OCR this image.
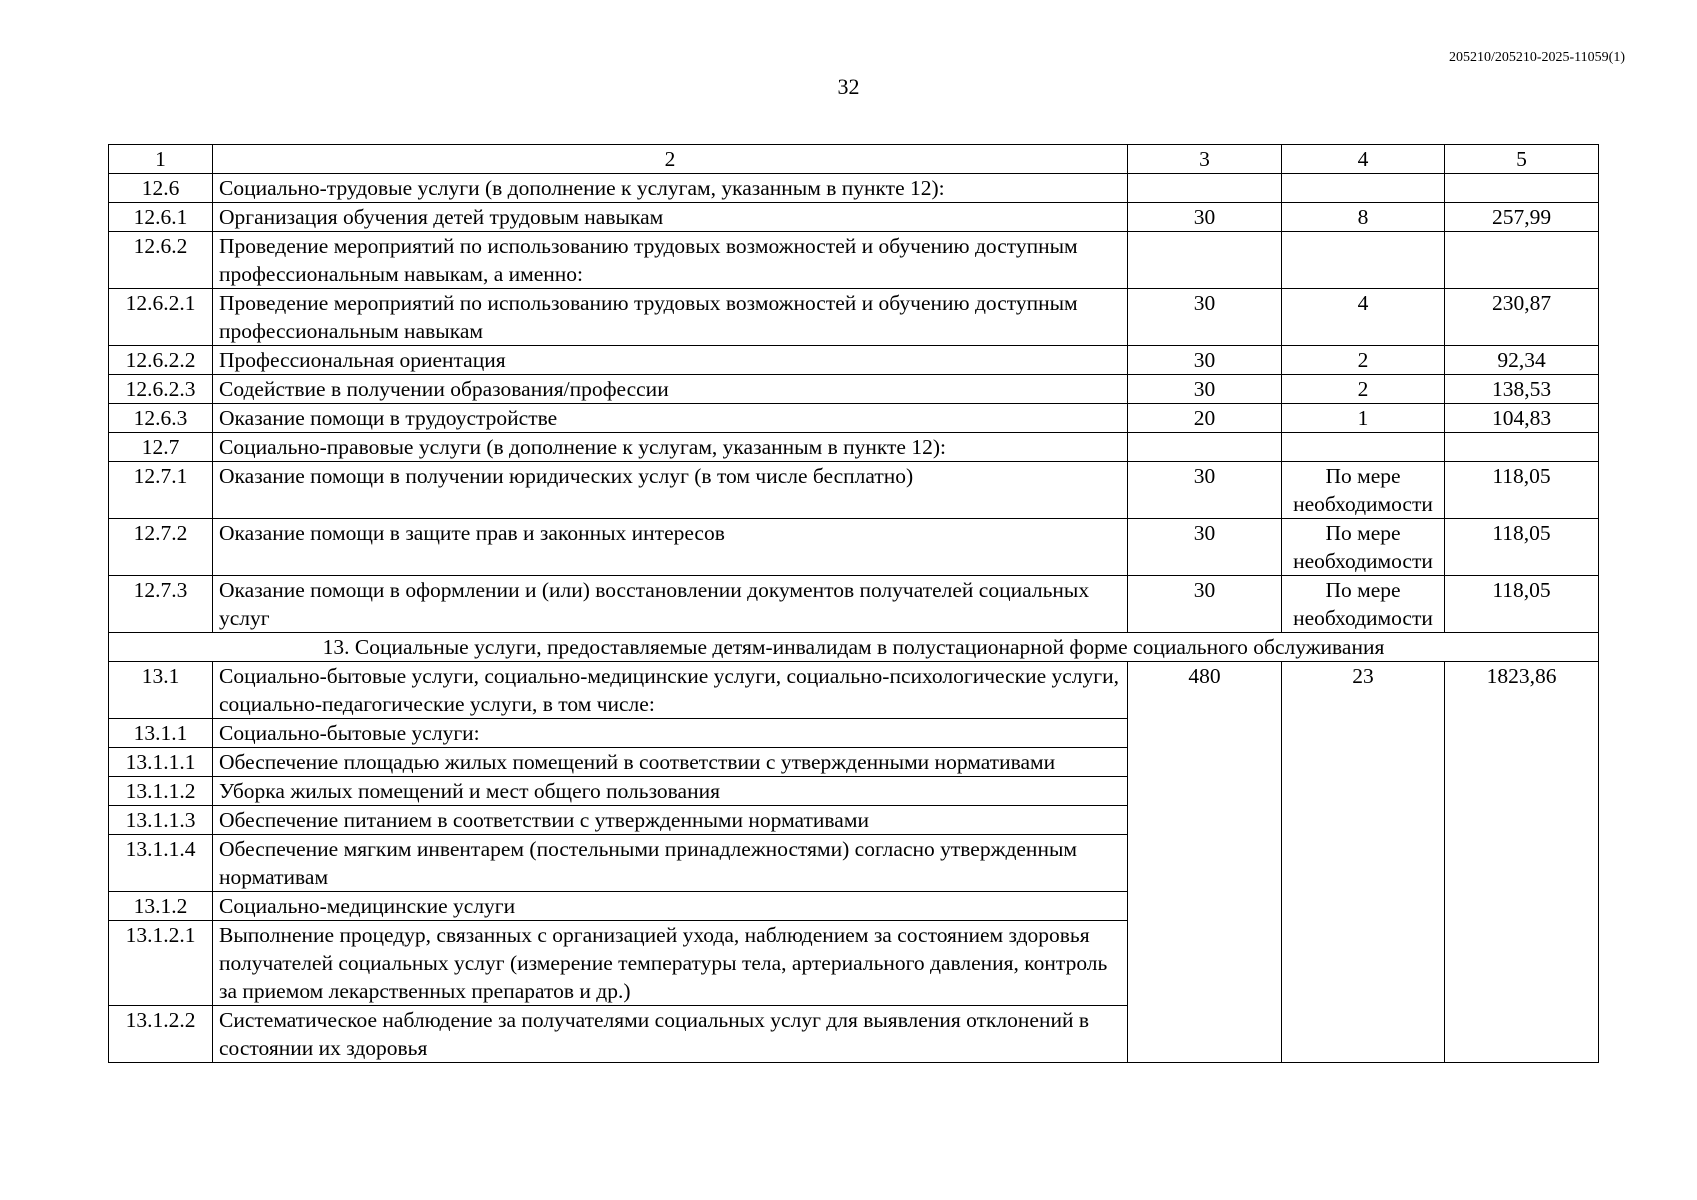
205210/205210-2025-11059(1)
32
1	2	3	4	5
12.6	Социально-трудовые услуги (в дополнение к услугам, указанным в пункте 12):			
12.6.1	Организация обучения детей трудовым навыкам	30	8	257,99
12.6.2	Проведение мероприятий по использованию трудовых возможностей и обучению доступным профессиональным навыкам, а именно:			
12.6.2.1	Проведение мероприятий по использованию трудовых возможностей и обучению доступным профессиональным навыкам	30	4	230,87
12.6.2.2	Профессиональная ориентация	30	2	92,34
12.6.2.3	Содействие в получении образования/профессии	30	2	138,53
12.6.3	Оказание помощи в трудоустройстве	20	1	104,83
12.7	Социально-правовые услуги (в дополнение к услугам, указанным в пункте 12):			
12.7.1	Оказание помощи в получении юридических услуг (в том числе бесплатно)	30	По мере необходимости	118,05
12.7.2	Оказание помощи в защите прав и законных интересов	30	По мере необходимости	118,05
12.7.3	Оказание помощи в оформлении и (или) восстановлении документов получателей социальных услуг	30	По мере необходимости	118,05
13. Социальные услуги, предоставляемые детям-инвалидам в полустационарной форме социального обслуживания				
13.1	Социально-бытовые услуги, социально-медицинские услуги, социально-психологические услуги, социально-педагогические услуги, в том числе:	480	23	1823,86
13.1.1	Социально-бытовые услуги:			
13.1.1.1	Обеспечение площадью жилых помещений в соответствии с утвержденными нормативами			
13.1.1.2	Уборка жилых помещений и мест общего пользования			
13.1.1.3	Обеспечение питанием в соответствии с утвержденными нормативами			
13.1.1.4	Обеспечение мягким инвентарем (постельными принадлежностями) согласно утвержденным нормативам			
13.1.2	Социально-медицинские услуги			
13.1.2.1	Выполнение процедур, связанных с организацией ухода, наблюдением за состоянием здоровья получателей социальных услуг (измерение температуры тела, артериального давления, контроль за приемом лекарственных препаратов и др.)			
13.1.2.2	Систематическое наблюдение за получателями социальных услуг для выявления отклонений в состоянии их здоровья			
